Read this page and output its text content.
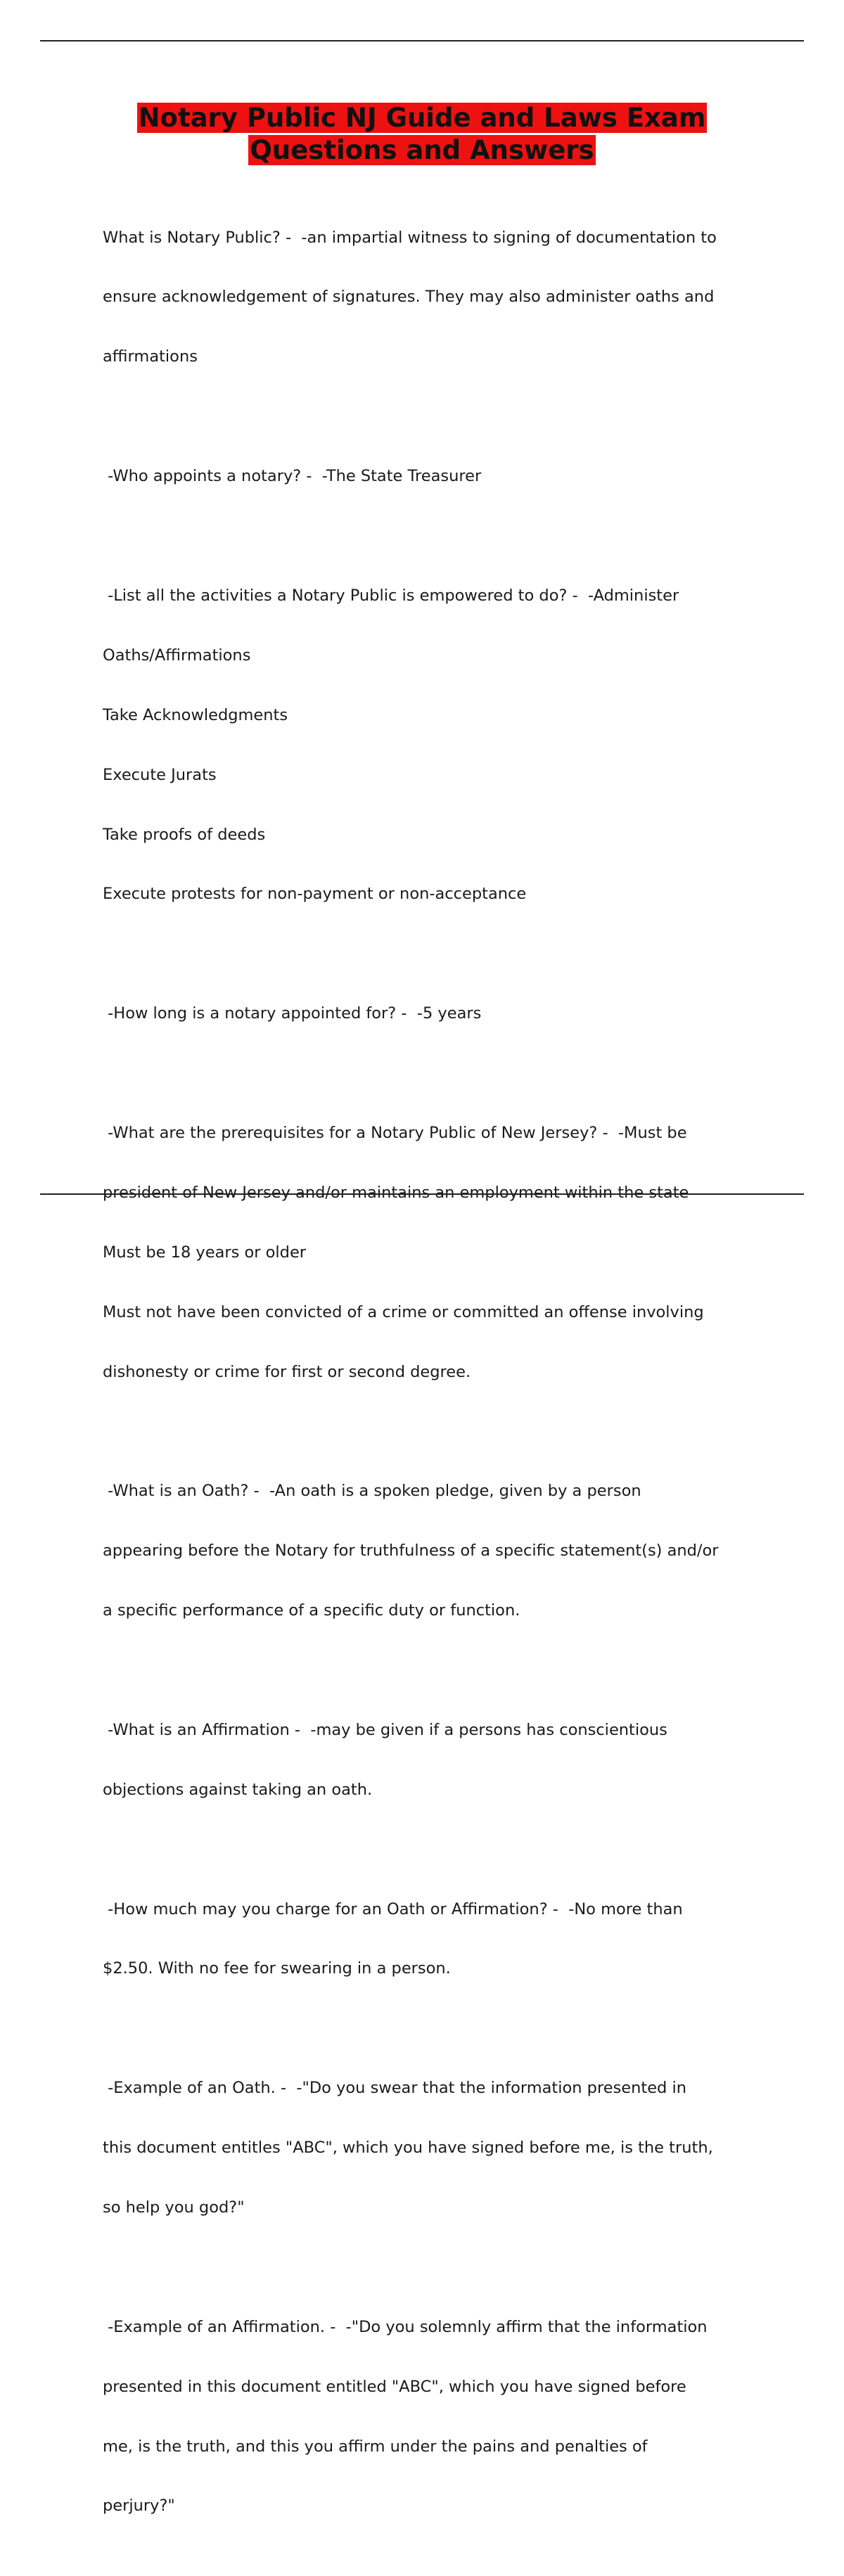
Notary Public NJ Guide and Laws Exam
Questions and Answers

What is Notary Public? -  -an impartial witness to signing of documentation to

ensure acknowledgement of signatures. They may also administer oaths and

affirmations

-Who appoints a notary? -  -The State Treasurer

-List all the activities a Notary Public is empowered to do? -  -Administer

Oaths/Affirmations

Take Acknowledgments

Execute Jurats

Take proofs of deeds

Execute protests for non-payment or non-acceptance

-How long is a notary appointed for? -  -5 years

-What are the prerequisites for a Notary Public of New Jersey? -  -Must be

president of New Jersey and/or maintains an employment within the state

Must be 18 years or older

Must not have been convicted of a crime or committed an offense involving

dishonesty or crime for first or second degree.

-What is an Oath? -  -An oath is a spoken pledge, given by a person

appearing before the Notary for truthfulness of a specific statement(s) and/or

a specific performance of a specific duty or function.

-What is an Affirmation -  -may be given if a persons has conscientious

objections against taking an oath.

-How much may you charge for an Oath or Affirmation? -  -No more than

$2.50. With no fee for swearing in a person.

-Example of an Oath. -  -"Do you swear that the information presented in

this document entitles "ABC", which you have signed before me, is the truth,

so help you god?"

-Example of an Affirmation. -  -"Do you solemnly affirm that the information

presented in this document entitled "ABC", which you have signed before

me, is the truth, and this you affirm under the pains and penalties of

perjury?"
